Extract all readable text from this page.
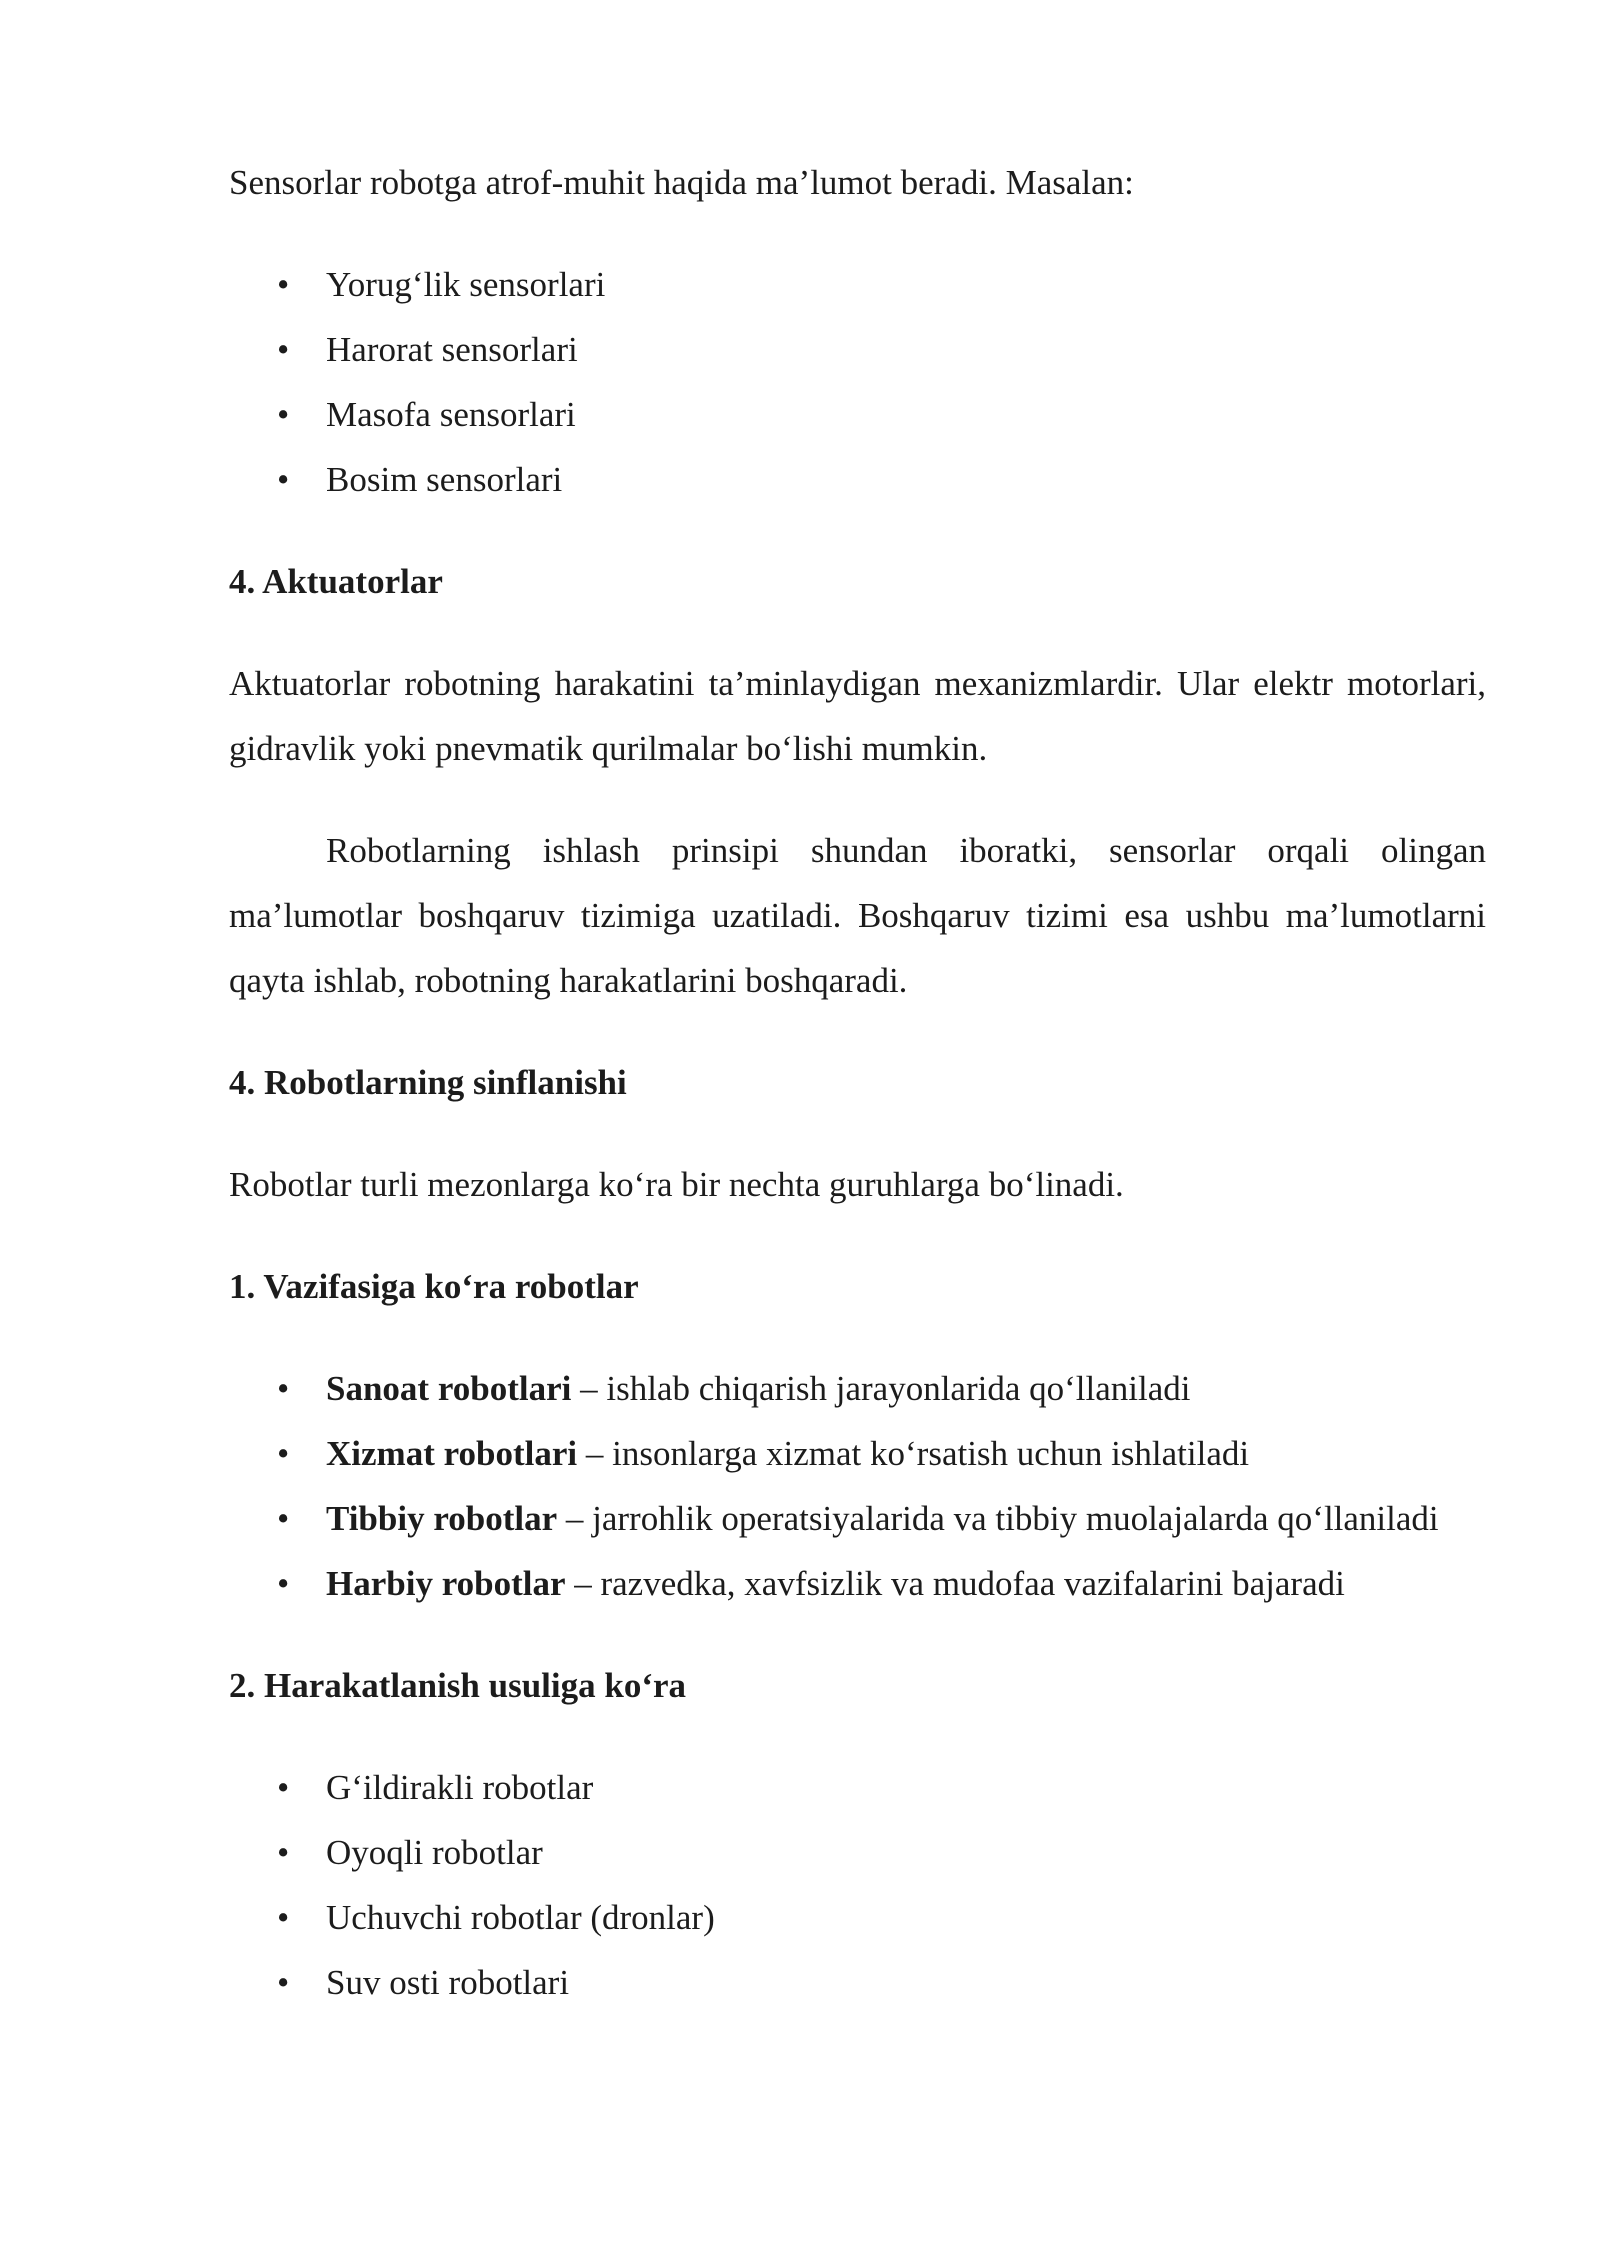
Sensorlar robotga atrof-muhit haqida ma’lumot beradi. Masalan:

• Yorug‘lik sensorlari
• Harorat sensorlari
• Masofa sensorlari
• Bosim sensorlari

4. Aktuatorlar

Aktuatorlar robotning harakatini ta’minlaydigan mexanizmlardir. Ular elektr motorlari, gidravlik yoki pnevmatik qurilmalar bo‘lishi mumkin.

Robotlarning ishlash prinsipi shundan iboratki, sensorlar orqali olingan ma’lumotlar boshqaruv tizimiga uzatiladi. Boshqaruv tizimi esa ushbu ma’lumotlarni qayta ishlab, robotning harakatlarini boshqaradi.

4. Robotlarning sinflanishi

Robotlar turli mezonlarga ko‘ra bir nechta guruhlarga bo‘linadi.

1. Vazifasiga ko‘ra robotlar

• Sanoat robotlari – ishlab chiqarish jarayonlarida qo‘llaniladi
• Xizmat robotlari – insonlarga xizmat ko‘rsatish uchun ishlatiladi
• Tibbiy robotlar – jarrohlik operatsiyalarida va tibbiy muolajalarda qo‘llaniladi
• Harbiy robotlar – razvedka, xavfsizlik va mudofaa vazifalarini bajaradi

2. Harakatlanish usuliga ko‘ra

• G‘ildirakli robotlar
• Oyoqli robotlar
• Uchuvchi robotlar (dronlar)
• Suv osti robotlari
